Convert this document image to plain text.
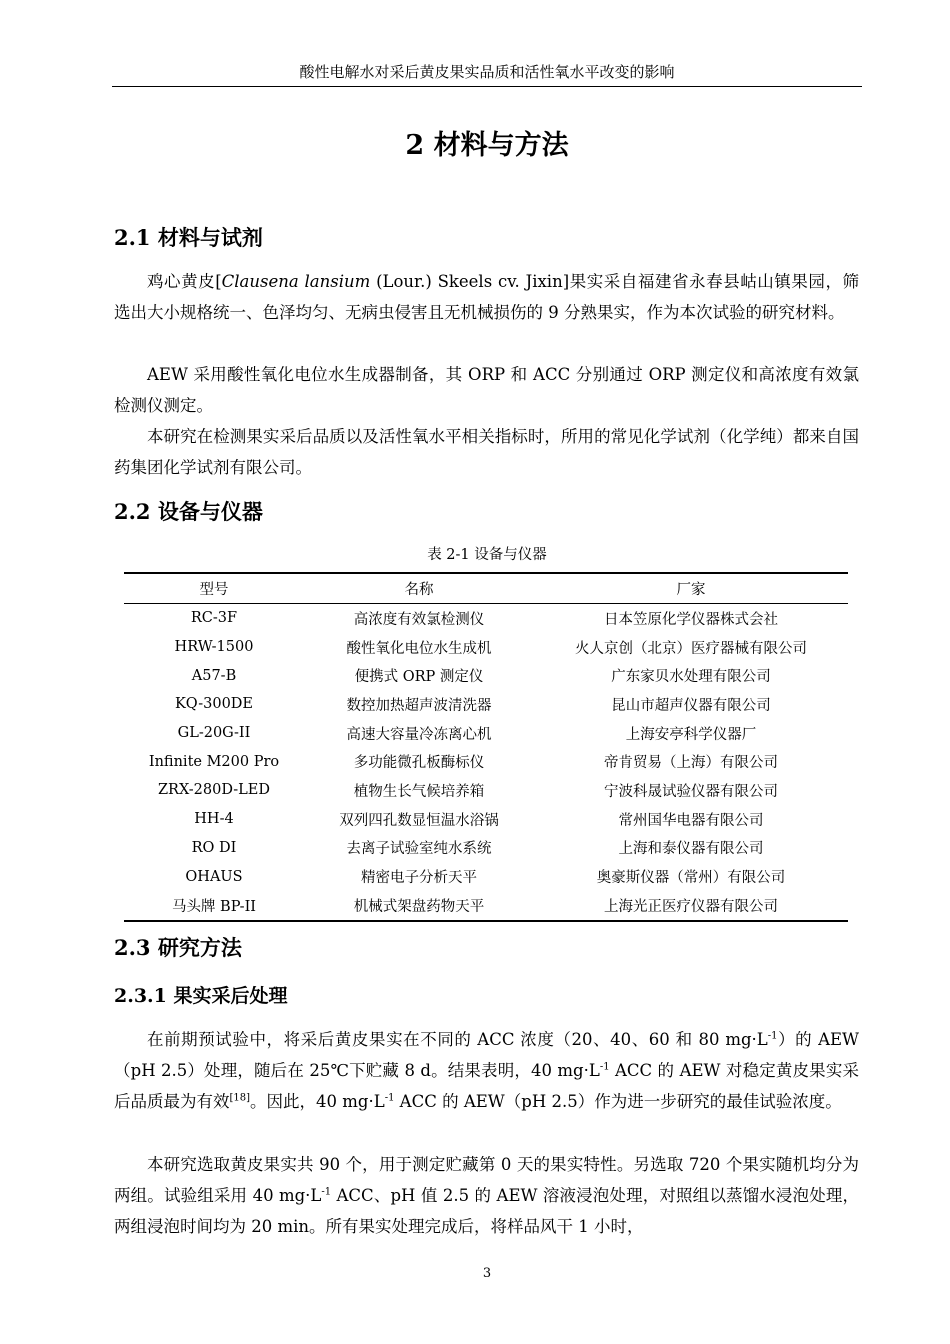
酸性电解水对采后黄皮果实品质和活性氧水平改变的影响
2 材料与方法
2.1 材料与试剂
鸡心黄皮[Clausena lansium (Lour.) Skeels cv. Jixin]果实采自福建省永春县岵山镇果园，筛选出大小规格统一、色泽均匀、无病虫侵害且无机械损伤的 9 分熟果实，作为本次试验的研究材料。
AEW 采用酸性氧化电位水生成器制备，其 ORP 和 ACC 分别通过 ORP 测定仪和高浓度有效氯检测仪测定。
本研究在检测果实采后品质以及活性氧水平相关指标时，所用的常见化学试剂（化学纯）都来自国药集团化学试剂有限公司。
2.2 设备与仪器
表 2-1 设备与仪器
型号	名称	厂家
RC-3F	高浓度有效氯检测仪	日本笠原化学仪器株式会社
HRW-1500	酸性氧化电位水生成机	火人京创（北京）医疗器械有限公司
A57-B	便携式 ORP 测定仪	广东家贝水处理有限公司
KQ-300DE	数控加热超声波清洗器	昆山市超声仪器有限公司
GL-20G-II	高速大容量冷冻离心机	上海安亭科学仪器厂
Infinite M200 Pro	多功能微孔板酶标仪	帝肯贸易（上海）有限公司
ZRX-280D-LED	植物生长气候培养箱	宁波科晟试验仪器有限公司
HH-4	双列四孔数显恒温水浴锅	常州国华电器有限公司
RO DI	去离子试验室纯水系统	上海和泰仪器有限公司
OHAUS	精密电子分析天平	奥豪斯仪器（常州）有限公司
马头牌 BP-II	机械式架盘药物天平	上海光正医疗仪器有限公司
2.3 研究方法
2.3.1 果实采后处理
在前期预试验中，将采后黄皮果实在不同的 ACC 浓度（20、40、60 和 80 $mg\cdot L^{-1}$）的 AEW（pH 2.5）处理，随后在 25℃下贮藏 8 d。结果表明，40 $mg\cdot L^{-1}$ ACC 的 AEW 对稳定黄皮果实采后品质最为有效[18]。因此，40 $mg\cdot L^{-1}$ ACC 的 AEW（pH 2.5）作为进一步研究的最佳试验浓度。
本研究选取黄皮果实共 90 个，用于测定贮藏第 0 天的果实特性。另选取 720 个果实随机均分为两组。试验组采用 40 $mg\cdot L^{-1}$ ACC、pH 值 2.5 的 AEW 溶液浸泡处理，对照组以蒸馏水浸泡处理，两组浸泡时间均为 20 min。所有果实处理完成后，将样品风干 1 小时，
3
